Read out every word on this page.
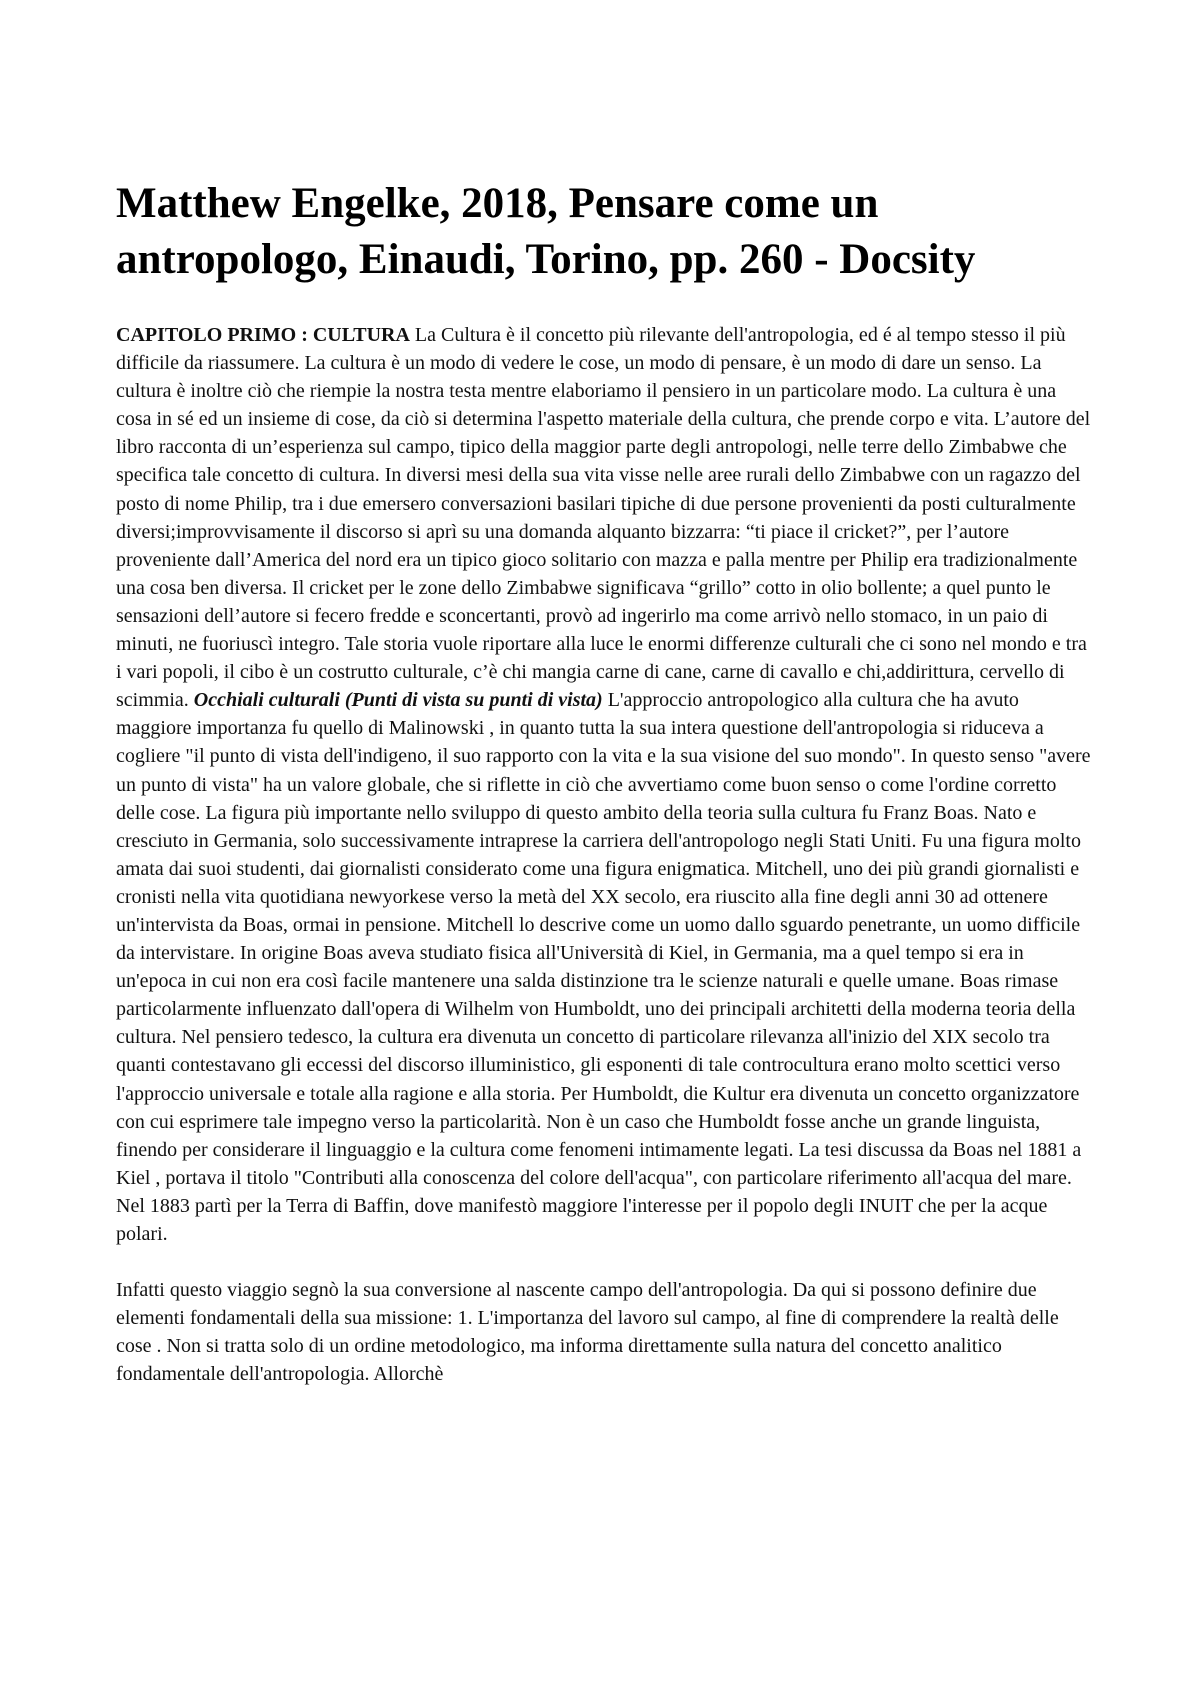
Matthew Engelke, 2018, Pensare come un antropologo, Einaudi, Torino, pp. 260 - Docsity

CAPITOLO PRIMO : CULTURA La Cultura è il concetto più rilevante dell'antropologia, ed é al tempo stesso il più difficile da riassumere. La cultura è un modo di vedere le cose, un modo di pensare, è un modo di dare un senso. La cultura è inoltre ciò che riempie la nostra testa mentre elaboriamo il pensiero in un particolare modo. La cultura è una cosa in sé ed un insieme di cose, da ciò si determina l'aspetto materiale della cultura, che prende corpo e vita. L’autore del libro racconta di un’esperienza sul campo, tipico della maggior parte degli antropologi, nelle terre dello Zimbabwe che specifica tale concetto di cultura. In diversi mesi della sua vita visse nelle aree rurali dello Zimbabwe con un ragazzo del posto di nome Philip, tra i due emersero conversazioni basilari tipiche di due persone provenienti da posti culturalmente diversi;improvvisamente il discorso si aprì su una domanda alquanto bizzarra: “ti piace il cricket?”, per l’autore proveniente dall’America del nord era un tipico gioco solitario con mazza e palla mentre per Philip era tradizionalmente una cosa ben diversa. Il cricket per le zone dello Zimbabwe significava “grillo” cotto in olio bollente; a quel punto le sensazioni dell’autore si fecero fredde e sconcertanti, provò ad ingerirlo ma come arrivò nello stomaco, in un paio di minuti, ne fuoriuscì integro. Tale storia vuole riportare alla luce le enormi differenze culturali che ci sono nel mondo e tra i vari popoli, il cibo è un costrutto culturale, c’è chi mangia carne di cane, carne di cavallo e chi,addirittura, cervello di scimmia. Occhiali culturali (Punti di vista su punti di vista) L'approccio antropologico alla cultura che ha avuto maggiore importanza fu quello di Malinowski , in quanto tutta la sua intera questione dell'antropologia si riduceva a cogliere "il punto di vista dell'indigeno, il suo rapporto con la vita e la sua visione del suo mondo". In questo senso "avere un punto di vista" ha un valore globale, che si riflette in ciò che avvertiamo come buon senso o come l'ordine corretto delle cose. La figura più importante nello sviluppo di questo ambito della teoria sulla cultura fu Franz Boas. Nato e cresciuto in Germania, solo successivamente intraprese la carriera dell'antropologo negli Stati Uniti. Fu una figura molto amata dai suoi studenti, dai giornalisti considerato come una figura enigmatica. Mitchell, uno dei più grandi giornalisti e cronisti nella vita quotidiana newyorkese verso la metà del XX secolo, era riuscito alla fine degli anni 30 ad ottenere un'intervista da Boas, ormai in pensione. Mitchell lo descrive come un uomo dallo sguardo penetrante, un uomo difficile da intervistare. In origine Boas aveva studiato fisica all'Università di Kiel, in Germania, ma a quel tempo si era in un'epoca in cui non era così facile mantenere una salda distinzione tra le scienze naturali e quelle umane. Boas rimase particolarmente influenzato dall'opera di Wilhelm von Humboldt, uno dei principali architetti della moderna teoria della cultura. Nel pensiero tedesco, la cultura era divenuta un concetto di particolare rilevanza all'inizio del XIX secolo tra quanti contestavano gli eccessi del discorso illuministico, gli esponenti di tale controcultura erano molto scettici verso l'approccio universale e totale alla ragione e alla storia. Per Humboldt, die Kultur era divenuta un concetto organizzatore con cui esprimere tale impegno verso la particolarità. Non è un caso che Humboldt fosse anche un grande linguista, finendo per considerare il linguaggio e la cultura come fenomeni intimamente legati. La tesi discussa da Boas nel 1881 a Kiel , portava il titolo "Contributi alla conoscenza del colore dell'acqua", con particolare riferimento all'acqua del mare. Nel 1883 partì per la Terra di Baffin, dove manifestò maggiore l'interesse per il popolo degli INUIT che per la acque polari.

Infatti questo viaggio segnò la sua conversione al nascente campo dell'antropologia. Da qui si possono definire due elementi fondamentali della sua missione: 1. L'importanza del lavoro sul campo, al fine di comprendere la realtà delle cose . Non si tratta solo di un ordine metodologico, ma informa direttamente sulla natura del concetto analitico fondamentale dell'antropologia. Allorchè
